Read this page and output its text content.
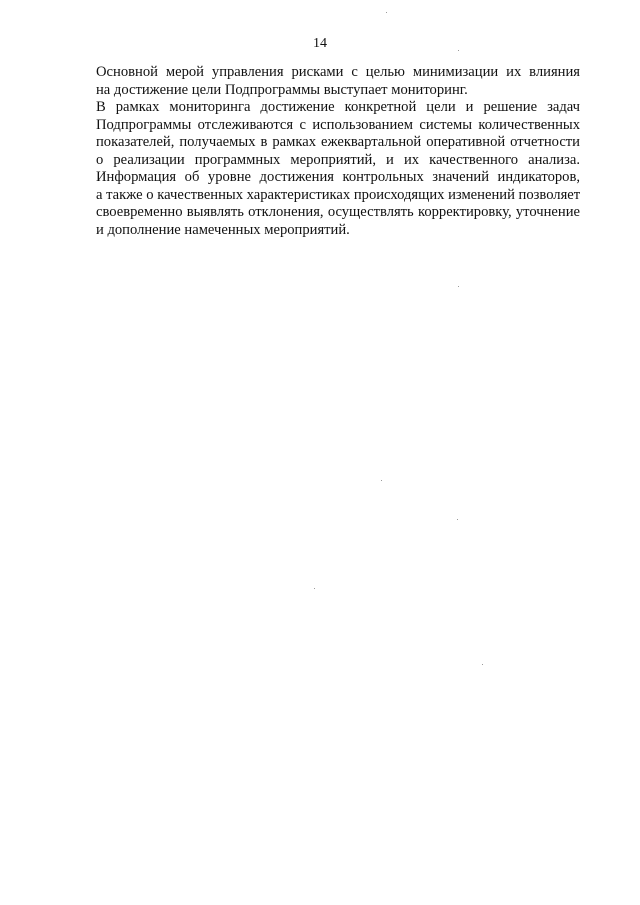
14
Основной мерой управления рисками с целью минимизации их влияния
на достижение цели Подпрограммы выступает мониторинг.
В рамках мониторинга достижение конкретной цели и решение задач
Подпрограммы отслеживаются с использованием системы количественных
показателей, получаемых в рамках ежеквартальной оперативной отчетности
о реализации программных мероприятий, и их качественного анализа.
Информация об уровне достижения контрольных значений индикаторов,
а также о качественных характеристиках происходящих изменений позволяет
своевременно выявлять отклонения, осуществлять корректировку, уточнение
и дополнение намеченных мероприятий.
